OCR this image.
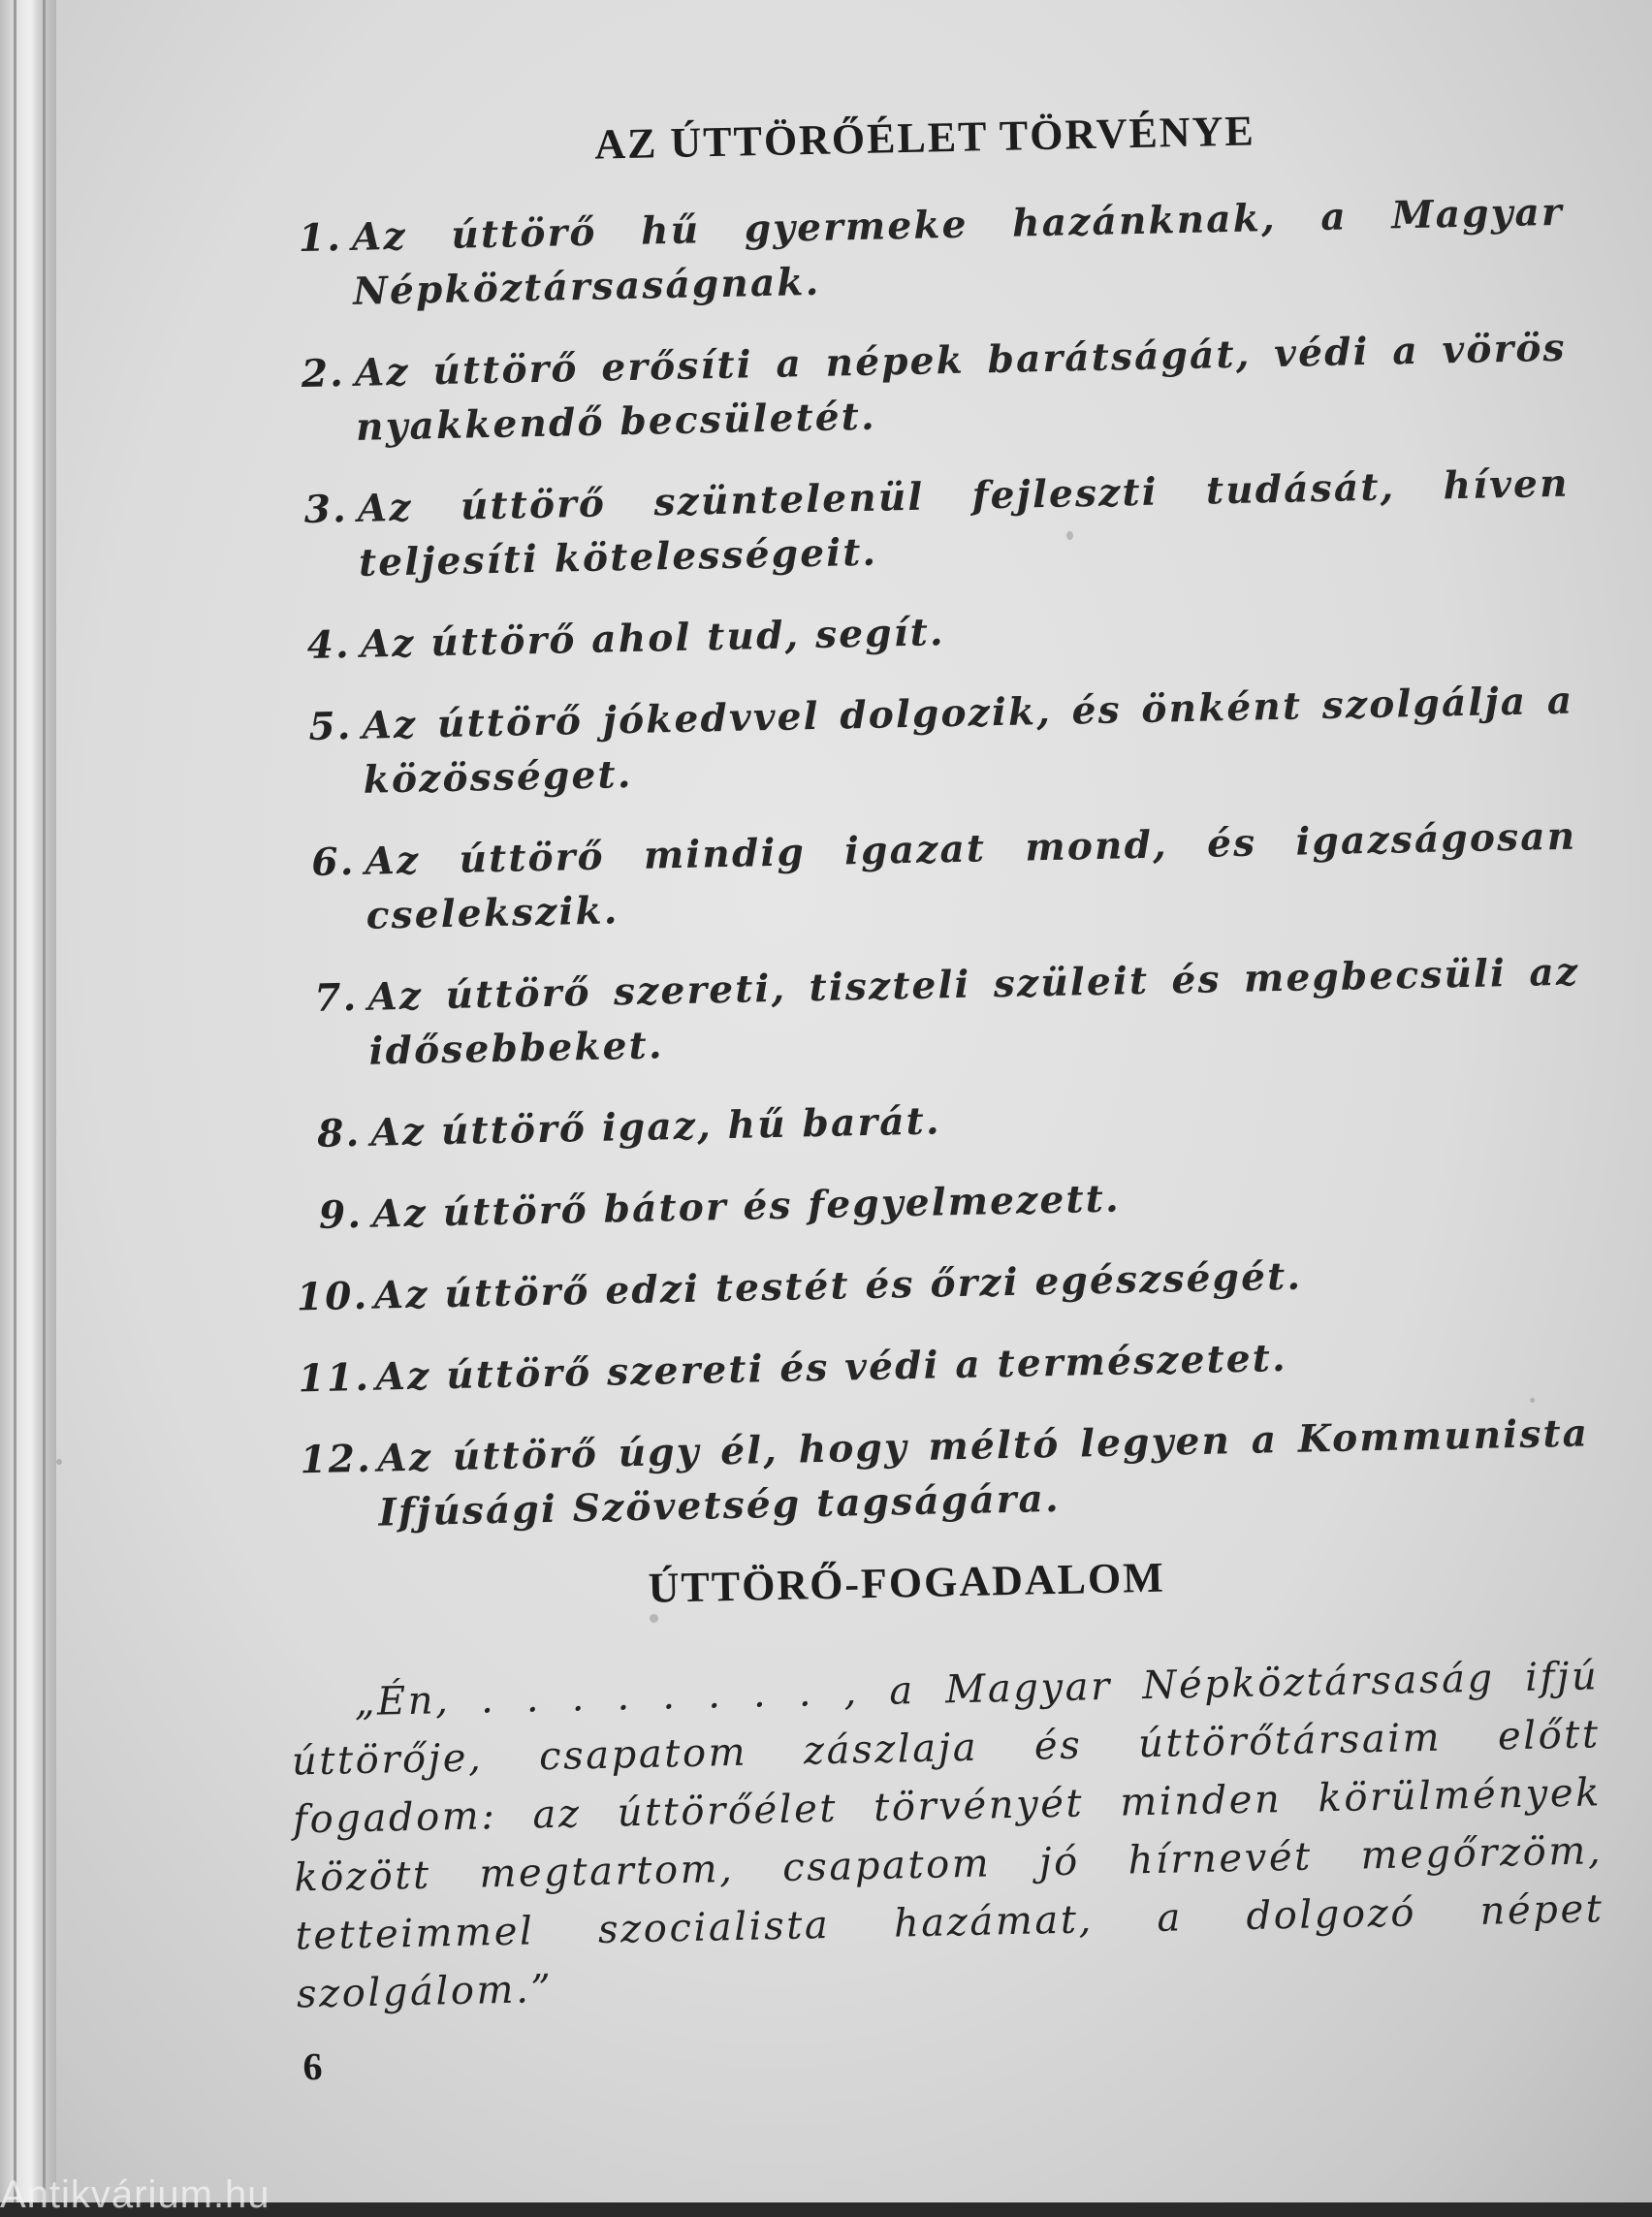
AZ ÚTTÖRŐÉLET TÖRVÉNYE
1. Az úttörő hű gyermeke hazánknak, a Magyar Népköztársaságnak.
2. Az úttörő erősíti a népek barátságát, védi a vörös nyakkendő becsületét.
3. Az úttörő szüntelenül fejleszti tudását, híven teljesíti kötelességeit.
4. Az úttörő ahol tud, segít.
5. Az úttörő jókedvvel dolgozik, és önként szolgálja a közösséget.
6. Az úttörő mindig igazat mond, és igazságosan cselekszik.
7. Az úttörő szereti, tiszteli szüleit és megbecsüli az idősebbeket.
8. Az úttörő igaz, hű barát.
9. Az úttörő bátor és fegyelmezett.
10. Az úttörő edzi testét és őrzi egészségét.
11. Az úttörő szereti és védi a természetet.
12. Az úttörő úgy él, hogy méltó legyen a Kommunista Ifjúsági Szövetség tagságára.
ÚTTÖRŐ-FOGADALOM
„Én, . . . . . . . . , a Magyar Népköztársaság ifjú úttörője, csapatom zászlaja és úttörőtársaim előtt fogadom: az úttörőélet törvényét minden körülmények között megtartom, csapatom jó hírnevét megőrzöm, tetteimmel szocialista hazámat, a dolgozó népet szolgálom.”
6
Antikvárium.hu
